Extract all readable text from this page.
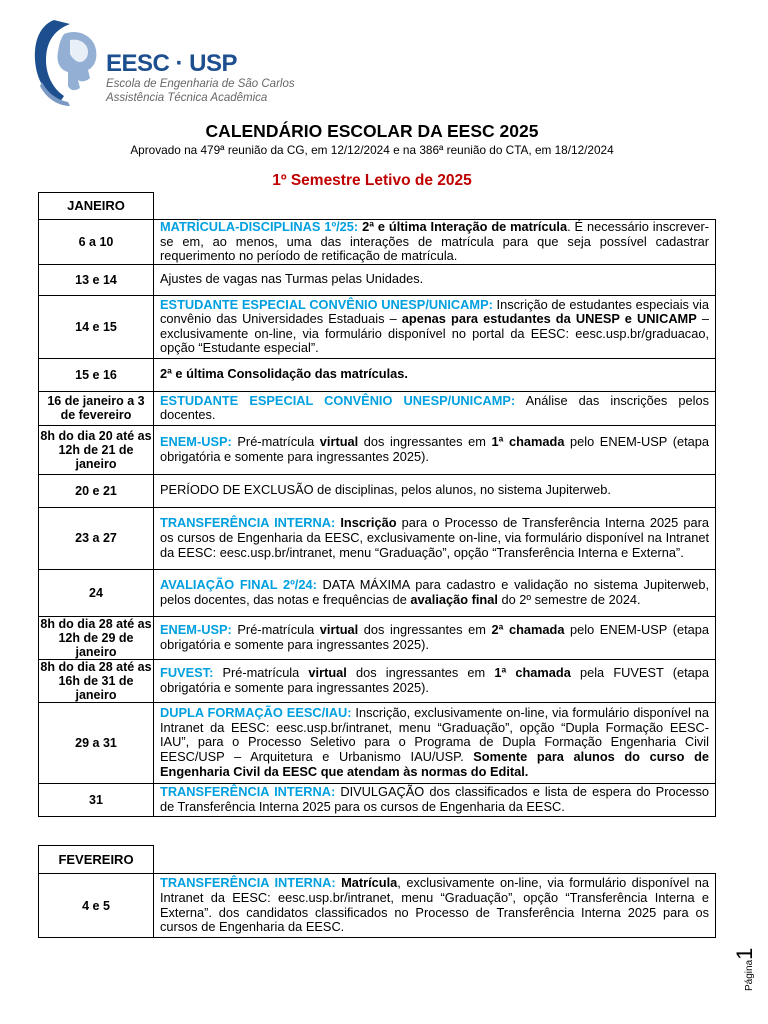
EESC · USP
Escola de Engenharia de São Carlos
Assistência Técnica Acadêmica
CALENDÁRIO ESCOLAR DA EESC 2025
Aprovado na 479ª reunião da CG, em 12/12/2024 e na 386ª reunião do CTA, em 18/12/2024
1º Semestre Letivo de 2025
JANEIRO	
6 a 10	MATRÍCULA-DISCIPLINAS 1º/25: 2ª e última Interação de matrícula. É necessário inscrever-se em, ao menos, uma das interações de matrícula para que seja possível cadastrar requerimento no período de retificação de matrícula.
13 e 14	Ajustes de vagas nas Turmas pelas Unidades.
14 e 15	ESTUDANTE ESPECIAL CONVÊNIO UNESP/UNICAMP: Inscrição de estudantes especiais via convênio das Universidades Estaduais – apenas para estudantes da UNESP e UNICAMP – exclusivamente on-line, via formulário disponível no portal da EESC: eesc.usp.br/graduacao, opção “Estudante especial”.
15 e 16	2ª e última Consolidação das matrículas.
16 de janeiro a 3 de fevereiro	ESTUDANTE ESPECIAL CONVÊNIO UNESP/UNICAMP: Análise das inscrições pelos docentes.
8h do dia 20 até as 12h de 21 de janeiro	ENEM-USP: Pré-matrícula virtual dos ingressantes em 1ª chamada pelo ENEM-USP (etapa obrigatória e somente para ingressantes 2025).
20 e 21	PERÍODO DE EXCLUSÃO de disciplinas, pelos alunos, no sistema Jupiterweb.
23 a 27	TRANSFERÊNCIA INTERNA: Inscrição para o Processo de Transferência Interna 2025 para os cursos de Engenharia da EESC, exclusivamente on-line, via formulário disponível na Intranet da EESC: eesc.usp.br/intranet, menu “Graduação”, opção “Transferência Interna e Externa”.
24	AVALIAÇÃO FINAL 2º/24: DATA MÁXIMA para cadastro e validação no sistema Jupiterweb, pelos docentes, das notas e frequências de avaliação final do 2º semestre de 2024.
8h do dia 28 até as 12h de 29 de janeiro	ENEM-USP: Pré-matrícula virtual dos ingressantes em 2ª chamada pelo ENEM-USP (etapa obrigatória e somente para ingressantes 2025).
8h do dia 28 até as 16h de 31 de janeiro	FUVEST: Pré-matrícula virtual dos ingressantes em 1ª chamada pela FUVEST (etapa obrigatória e somente para ingressantes 2025).
29 a 31	DUPLA FORMAÇÃO EESC/IAU: Inscrição, exclusivamente on-line, via formulário disponível na Intranet da EESC: eesc.usp.br/intranet, menu “Graduação”, opção “Dupla Formação EESC-IAU”, para o Processo Seletivo para o Programa de Dupla Formação Engenharia Civil EESC/USP – Arquitetura e Urbanismo IAU/USP. Somente para alunos do curso de Engenharia Civil da EESC que atendam às normas do Edital.
31	TRANSFERÊNCIA INTERNA: DIVULGAÇÃO dos classificados e lista de espera do Processo de Transferência Interna 2025 para os cursos de Engenharia da EESC.
FEVEREIRO	
4 e 5	TRANSFERÊNCIA INTERNA: Matrícula, exclusivamente on-line, via formulário disponível na Intranet da EESC: eesc.usp.br/intranet, menu “Graduação”, opção “Transferência Interna e Externa”. dos candidatos classificados no Processo de Transferência Interna 2025 para os cursos de Engenharia da EESC.
Página1
